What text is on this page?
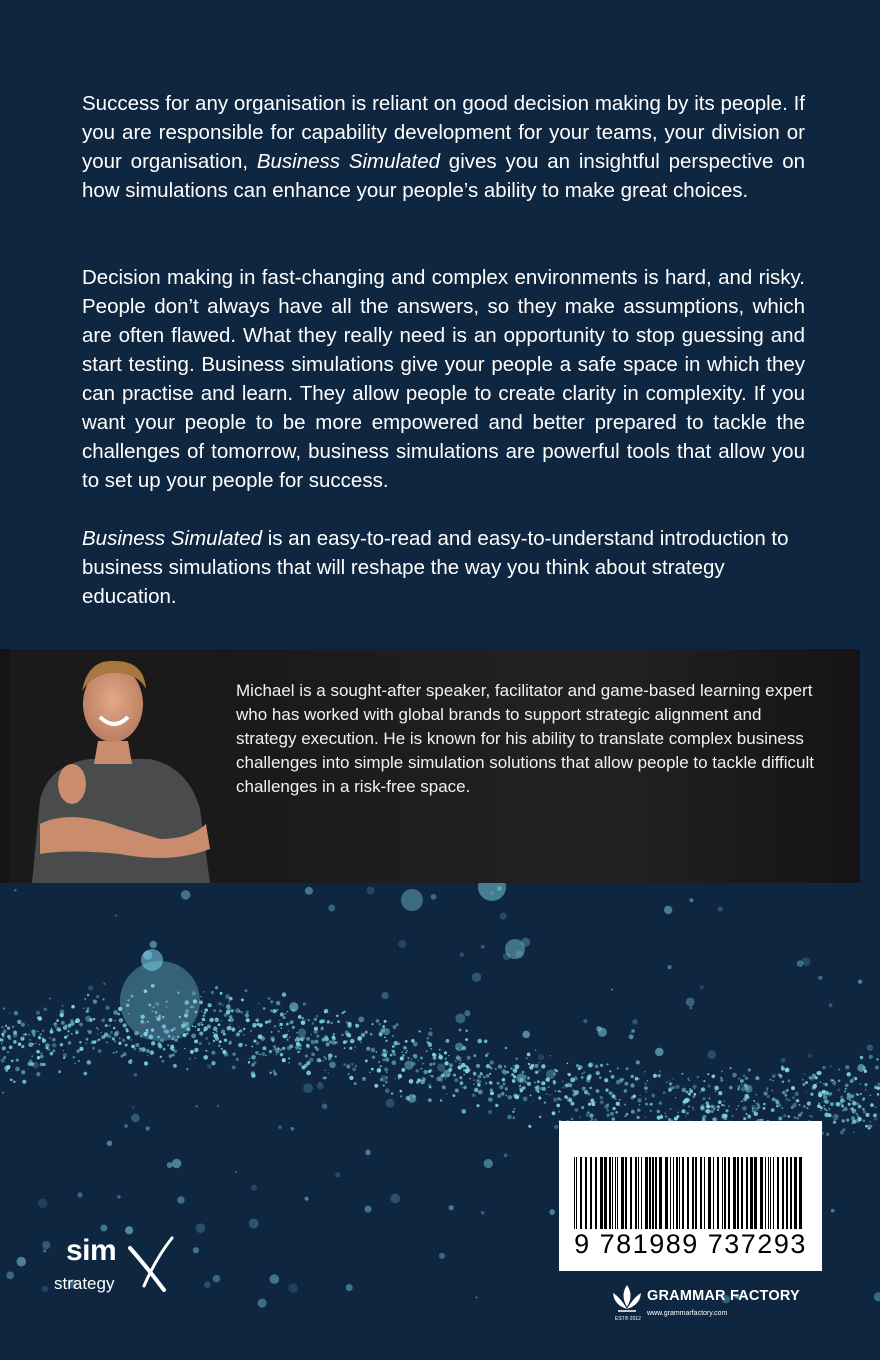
Success for any organisation is reliant on good decision making by its people. If you are responsible for capability development for your teams, your division or your organisation, Business Simulated gives you an insightful perspective on how simulations can enhance your people’s ability to make great choices.

Decision making in fast-changing and complex environments is hard, and risky. People don’t always have all the answers, so they make assumptions, which are often flawed. What they really need is an opportunity to stop guessing and start testing. Business simulations give your people a safe space in which they can practise and learn. They allow people to create clarity in complexity. If you want your people to be more empowered and better prepared to tackle the challenges of tomorrow, business simulations are powerful tools that allow you to set up your people for success.

Business Simulated is an easy-to-read and easy-to-understand introduction to business simulations that will reshape the way you think about strategy education.

Michael is a sought-after speaker, facilitator and game-based learning expert who has worked with global brands to support strategic alignment and strategy execution. He is known for his ability to translate complex business challenges into simple simulation solutions that allow people to tackle difficult challenges in a risk-free space.

9 781989 737293
sim
strategy
GRAMMAR FACTORY
www.grammarfactory.com
EST® 2012
